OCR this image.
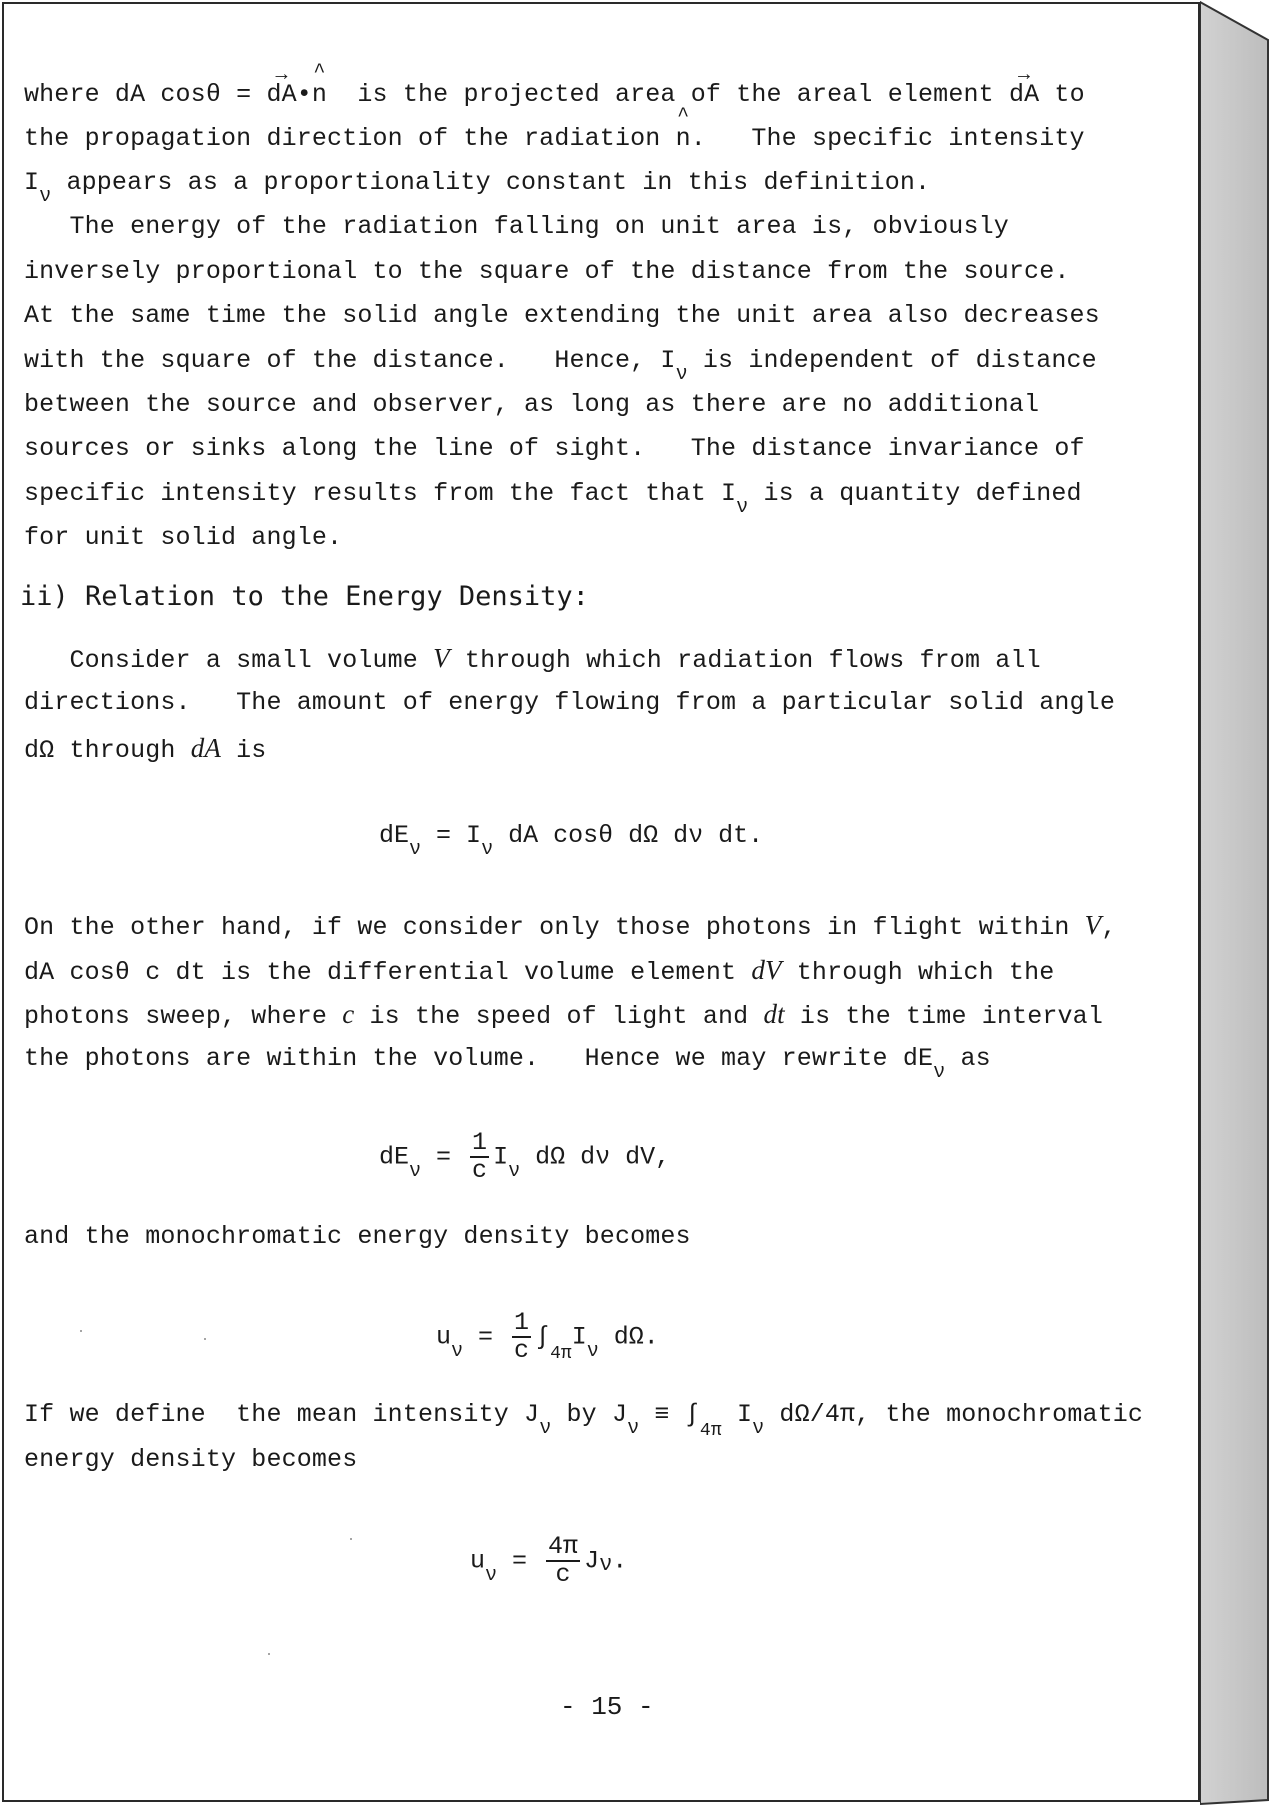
where dA cosθ = → dA•^ n  is the projected area of the areal element → dA to
the propagation direction of the radiation ^ n.   The specific intensity
$I_\nu$ appears as a proportionality constant in this definition.
The energy of the radiation falling on unit area is, obviously
inversely proportional to the square of the distance from the source.
At the same time the solid angle extending the unit area also decreases
with the square of the distance.   Hence, $I_\nu$ is independent of distance
between the source and observer, as long as there are no additional
sources or sinks along the line of sight.   The distance invariance of
specific intensity results from the fact that $I_\nu$ is a quantity defined
for unit solid angle.
ii) Relation to the Energy Density:
Consider a small volume V through which radiation flows from all
directions.   The amount of energy flowing from a particular solid angle
dΩ through dA is
$dE_\nu = I_\nu$ dA cosθ dΩ dν dt.
On the other hand, if we consider only those photons in flight within V,
dA cosθ c dt is the differential volume element dV through which the
photons sweep, where c is the speed of light and dt is the time interval
the photons are within the volume.   Hence we may rewrite $dE_\nu$ as
$dE_\nu = \frac{1}{c} I_\nu$ dΩ dν dV,
and the monochromatic energy density becomes
$u_\nu = \frac{1}{c} \int_{4\pi}I_\nu$ dΩ.
If we define  the mean intensity $J_\nu$ by $J_\nu \equiv \int_{4\pi}$ $I_\nu$ dΩ/4π, the monochromatic
energy density becomes
$u_\nu = \frac{4\pi}{c} J\nu$.
- 15 -
